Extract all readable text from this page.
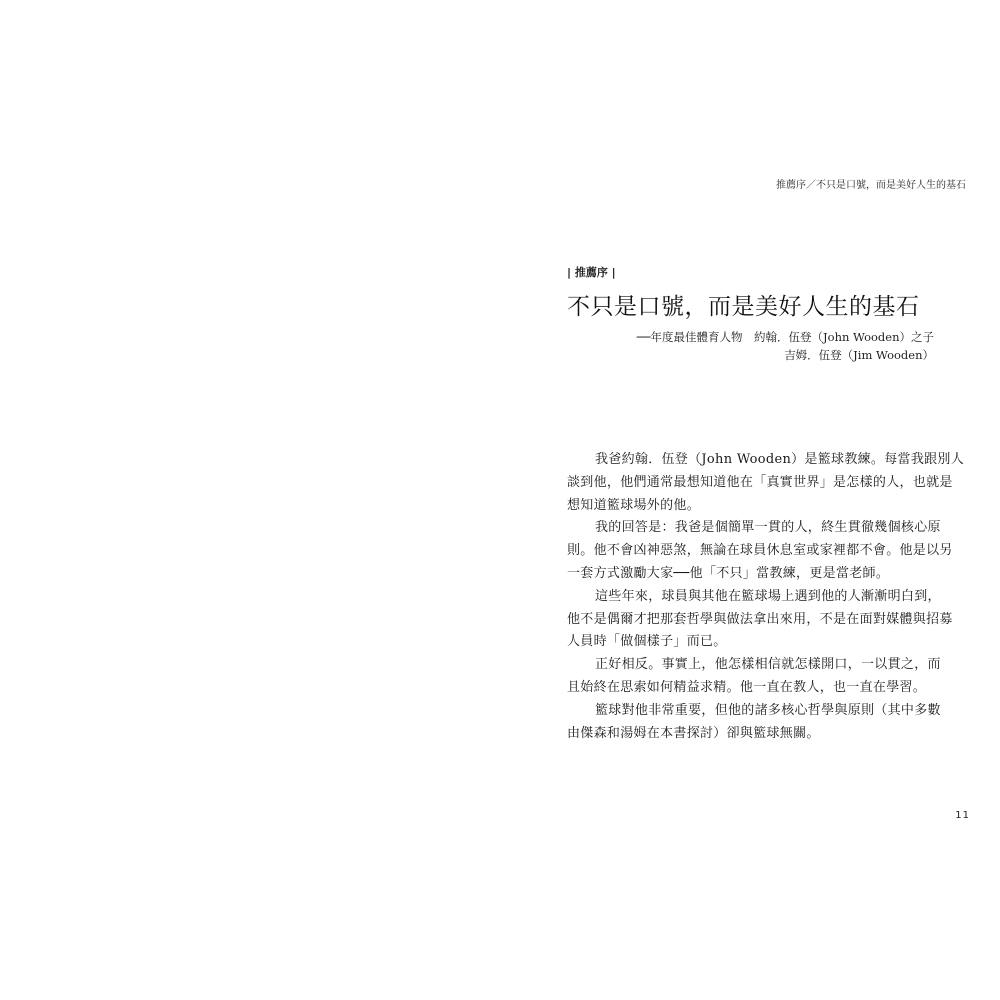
推薦序／不只是口號，而是美好人生的基石
| 推薦序 |
不只是口號，而是美好人生的基石
──年度最佳體育人物　約翰．伍登（John Wooden）之子
吉姆．伍登（Jim Wooden）
我爸約翰．伍登（John Wooden）是籃球教練。每當我跟別人
談到他，他們通常最想知道他在「真實世界」是怎樣的人，也就是
想知道籃球場外的他。
我的回答是：我爸是個簡單一貫的人，終生貫徹幾個核心原
則。他不會凶神惡煞，無論在球員休息室或家裡都不會。他是以另
一套方式激勵大家──他「不只」當教練，更是當老師。
這些年來，球員與其他在籃球場上遇到他的人漸漸明白到，
他不是偶爾才把那套哲學與做法拿出來用，不是在面對媒體與招募
人員時「做個樣子」而已。
正好相反。事實上，他怎樣相信就怎樣開口，一以貫之，而
且始終在思索如何精益求精。他一直在教人，也一直在學習。
籃球對他非常重要，但他的諸多核心哲學與原則（其中多數
由傑森和湯姆在本書探討）卻與籃球無關。
11
